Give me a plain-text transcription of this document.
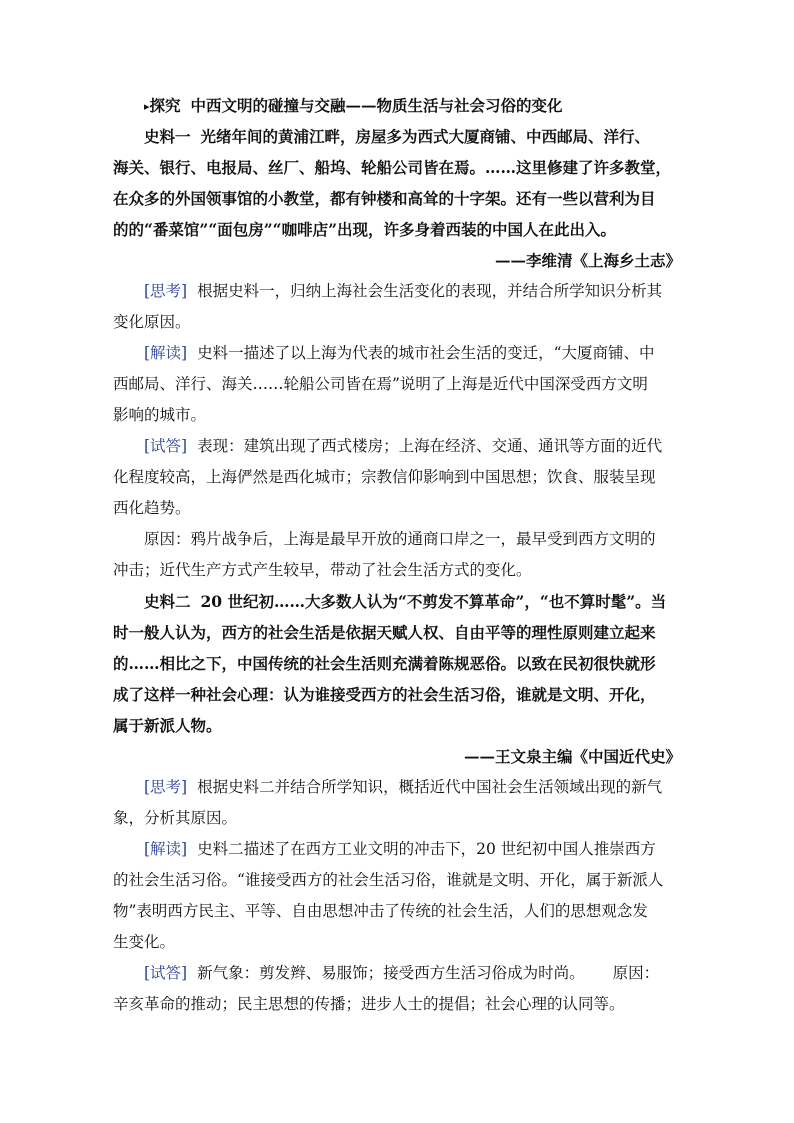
▸探究 中西文明的碰撞与交融——物质生活与社会习俗的变化
史料一 光绪年间的黄浦江畔，房屋多为西式大厦商铺、中西邮局、洋行、
海关、银行、电报局、丝厂、船坞、轮船公司皆在焉。……这里修建了许多教堂，
在众多的外国领事馆的小教堂，都有钟楼和高耸的十字架。还有一些以营利为目
的的“番菜馆”“面包房”“咖啡店”出现，许多身着西装的中国人在此出入。
——李维清《上海乡土志》
[思考] 根据史料一，归纳上海社会生活变化的表现，并结合所学知识分析其
变化原因。
[解读] 史料一描述了以上海为代表的城市社会生活的变迁，“大厦商铺、中
西邮局、洋行、海关……轮船公司皆在焉”说明了上海是近代中国深受西方文明
影响的城市。
[试答] 表现：建筑出现了西式楼房；上海在经济、交通、通讯等方面的近代
化程度较高，上海俨然是西化城市；宗教信仰影响到中国思想；饮食、服装呈现
西化趋势。
原因：鸦片战争后，上海是最早开放的通商口岸之一，最早受到西方文明的
冲击；近代生产方式产生较早，带动了社会生活方式的变化。
史料二 20 世纪初……大多数人认为“不剪发不算革命”，“也不算时髦”。当
时一般人认为，西方的社会生活是依据天赋人权、自由平等的理性原则建立起来
的……相比之下，中国传统的社会生活则充满着陈规恶俗。以致在民初很快就形
成了这样一种社会心理：认为谁接受西方的社会生活习俗，谁就是文明、开化，
属于新派人物。
——王文泉主编《中国近代史》
[思考] 根据史料二并结合所学知识，概括近代中国社会生活领域出现的新气
象，分析其原因。
[解读] 史料二描述了在西方工业文明的冲击下，20 世纪初中国人推崇西方
的社会生活习俗。“谁接受西方的社会生活习俗，谁就是文明、开化，属于新派人
物”表明西方民主、平等、自由思想冲击了传统的社会生活，人们的思想观念发
生变化。
[试答] 新气象：剪发辫、易服饰；接受西方生活习俗成为时尚。 原因：
辛亥革命的推动；民主思想的传播；进步人士的提倡；社会心理的认同等。
